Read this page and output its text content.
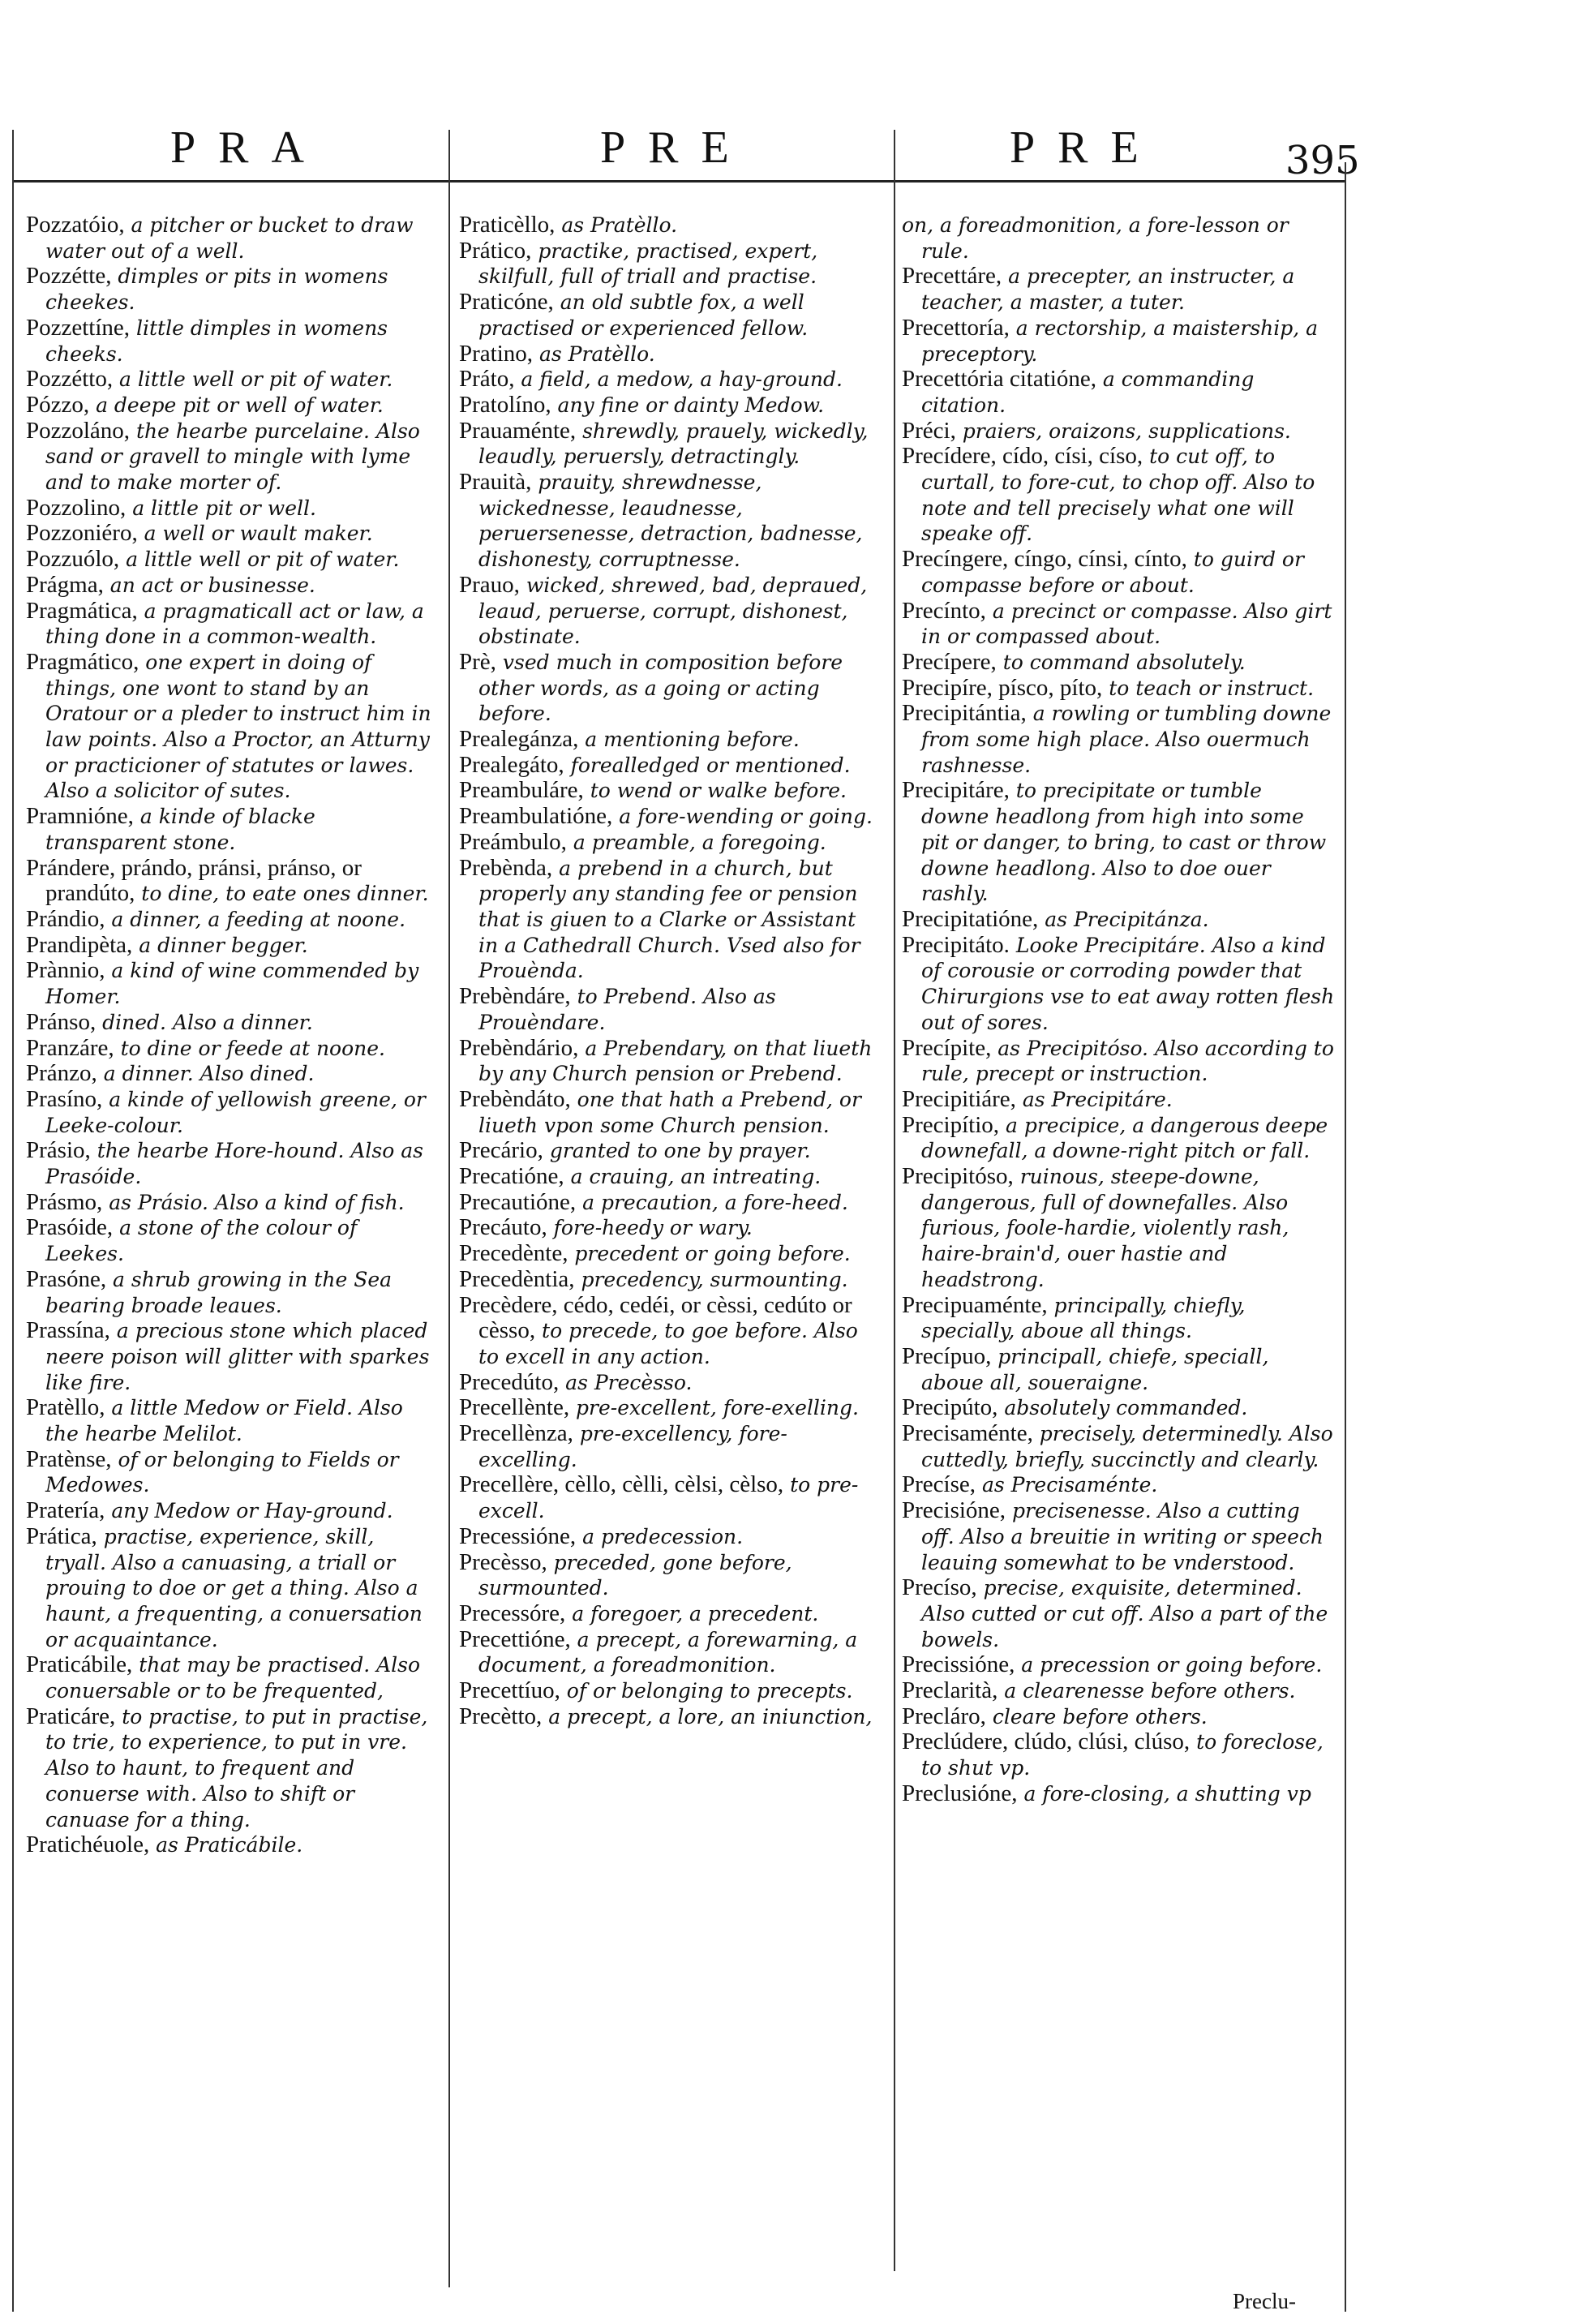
PRA	PRE	PRE	395

Pozzatóio, a pitcher or bucket to draw water out of a well.

Pozzétte, dimples or pits in womens cheekes.

Pozzettíne, little dimples in womens cheeks.

Pozzétto, a little well or pit of water.

Pózzo, a deepe pit or well of water.

Pozzoláno, the hearbe purcelaine. Also sand or gravell to mingle with lyme and to make morter of.

Pozzolino, a little pit or well.

Pozzoniéro, a well or wault maker.

Pozzuólo, a little well or pit of water.

Prágma, an act or businesse.

Pragmática, a pragmaticall act or law, a thing done in a common-wealth.

Pragmático, one expert in doing of things, one wont to stand by an Oratour or a pleder to instruct him in law points. Also a Proctor, an Atturny or practicioner of statutes or lawes. Also a solicitor of sutes.

Pramnióne, a kinde of blacke transparent stone.

Prándere, prándo, pránsi, pránso, or prandúto, to dine, to eate ones dinner.

Prándio, a dinner, a feeding at noone.

Prandipèta, a dinner begger.

Prànnio, a kind of wine commended by Homer.

Pránso, dined. Also a dinner.

Pranzáre, to dine or feede at noone.

Pránzo, a dinner. Also dined.

Prasíno, a kinde of yellowish greene, or Leeke-colour.

Prásio, the hearbe Hore-hound. Also as Prasóide.

Prásmo, as Prásio. Also a kind of fish.

Prasóide, a stone of the colour of Leekes.

Prasóne, a shrub growing in the Sea bearing broade leaues.

Prassína, a precious stone which placed neere poison will glitter with sparkes like fire.

Pratèllo, a little Medow or Field. Also the hearbe Melilot.

Pratènse, of or belonging to Fields or Medowes.

Pratería, any Medow or Hay-ground.

Prática, practise, experience, skill, tryall. Also a canuasing, a triall or prouing to doe or get a thing. Also a haunt, a frequenting, a conuersation or acquaintance.

Praticábile, that may be practised. Also conuersable or to be frequented,

Praticáre, to practise, to put in practise, to trie, to experience, to put in vre. Also to haunt, to frequent and conuerse with. Also to shift or canuase for a thing.

Pratichéuole, as Praticábile.

Praticèllo, as Pratèllo.

Prático, practike, practised, expert, skilfull, full of triall and practise.

Praticóne, an old subtle fox, a well practised or experienced fellow.

Pratino, as Pratèllo.

Práto, a field, a medow, a hay-ground.

Pratolíno, any fine or dainty Medow.

Prauaménte, shrewdly, prauely, wickedly, leaudly, peruersly, detractingly.

Prauità, prauity, shrewdnesse, wickednesse, leaudnesse, peruersenesse, detraction, badnesse, dishonesty, corruptnesse.

Prauo, wicked, shrewed, bad, depraued, leaud, peruerse, corrupt, dishonest, obstinate.

Prè, vsed much in composition before other words, as a going or acting before.

Prealegánza, a mentioning before.

Prealegáto, forealledged or mentioned.

Preambuláre, to wend or walke before.

Preambulatióne, a fore-wending or going.

Preámbulo, a preamble, a foregoing.

Prebènda, a prebend in a church, but properly any standing fee or pension that is giuen to a Clarke or Assistant in a Cathedrall Church. Vsed also for Prouènda.

Prebèndáre, to Prebend. Also as Prouèndare.

Prebèndário, a Prebendary, on that liueth by any Church pension or Prebend.

Prebèndáto, one that hath a Prebend, or liueth vpon some Church pension.

Precário, granted to one by prayer.

Precatióne, a crauing, an intreating.

Precautióne, a precaution, a fore-heed.

Precáuto, fore-heedy or wary.

Precedènte, precedent or going before.

Precedèntia, precedency, surmounting.

Precèdere, cédo, cedéi, or cèssi, cedúto or cèsso, to precede, to goe before. Also to excell in any action.

Precedúto, as Precèsso.

Precellènte, pre-excellent, fore-exelling.

Precellènza, pre-excellency, fore-excelling.

Precellère, cèllo, cèlli, cèlsi, cèlso, to pre-excell.

Precessióne, a predecession.

Precèsso, preceded, gone before, surmounted.

Precessóre, a foregoer, a precedent.

Precettióne, a precept, a forewarning, a document, a foreadmonition.

Precettíuo, of or belonging to precepts.

Precètto, a precept, a lore, an iniunction,

on, a foreadmonition, a fore-lesson or rule.

Precettáre, a precepter, an instructer, a teacher, a master, a tuter.

Precettoría, a rectorship, a maistership, a preceptory.

Precettória citatióne, a commanding citation.

Préci, praiers, oraizons, supplications.

Precídere, cído, císi, císo, to cut off, to curtall, to fore-cut, to chop off. Also to note and tell precisely what one will speake off.

Precíngere, cíngo, cínsi, cínto, to guird or compasse before or about.

Precínto, a precinct or compasse. Also girt in or compassed about.

Precípere, to command absolutely.

Precipíre, písco, píto, to teach or instruct.

Precipitántia, a rowling or tumbling downe from some high place. Also ouermuch rashnesse.

Precipitáre, to precipitate or tumble downe headlong from high into some pit or danger, to bring, to cast or throw downe headlong. Also to doe ouer rashly.

Precipitatióne, as Precipitánza.

Precipitáto. Looke Precipitáre. Also a kind of corousie or corroding powder that Chirurgions vse to eat away rotten flesh out of sores.

Precípite, as Precipitóso. Also according to rule, precept or instruction.

Precipitiáre, as Precipitáre.

Precipítio, a precipice, a dangerous deepe downefall, a downe-right pitch or fall.

Precipitóso, ruinous, steepe-downe, dangerous, full of downefalles. Also furious, foole-hardie, violently rash, haire-brain'd, ouer hastie and headstrong.

Precipuaménte, principally, chiefly, specially, aboue all things.

Precípuo, principall, chiefe, speciall, aboue all, soueraigne.

Precipúto, absolutely commanded.

Precisaménte, precisely, determinedly. Also cuttedly, briefly, succinctly and clearly.

Precíse, as Precisaménte.

Precisióne, precisenesse. Also a cutting off. Also a breuitie in writing or speech leauing somewhat to be vnderstood.

Precíso, precise, exquisite, determined. Also cutted or cut off. Also a part of the bowels.

Precissióne, a precession or going before.

Preclarità, a clearenesse before others.

Precláro, cleare before others.

Preclúdere, clúdo, clúsi, clúso, to foreclose, to shut vp.

Preclusióne, a fore-closing, a shutting vp

Preclu-
